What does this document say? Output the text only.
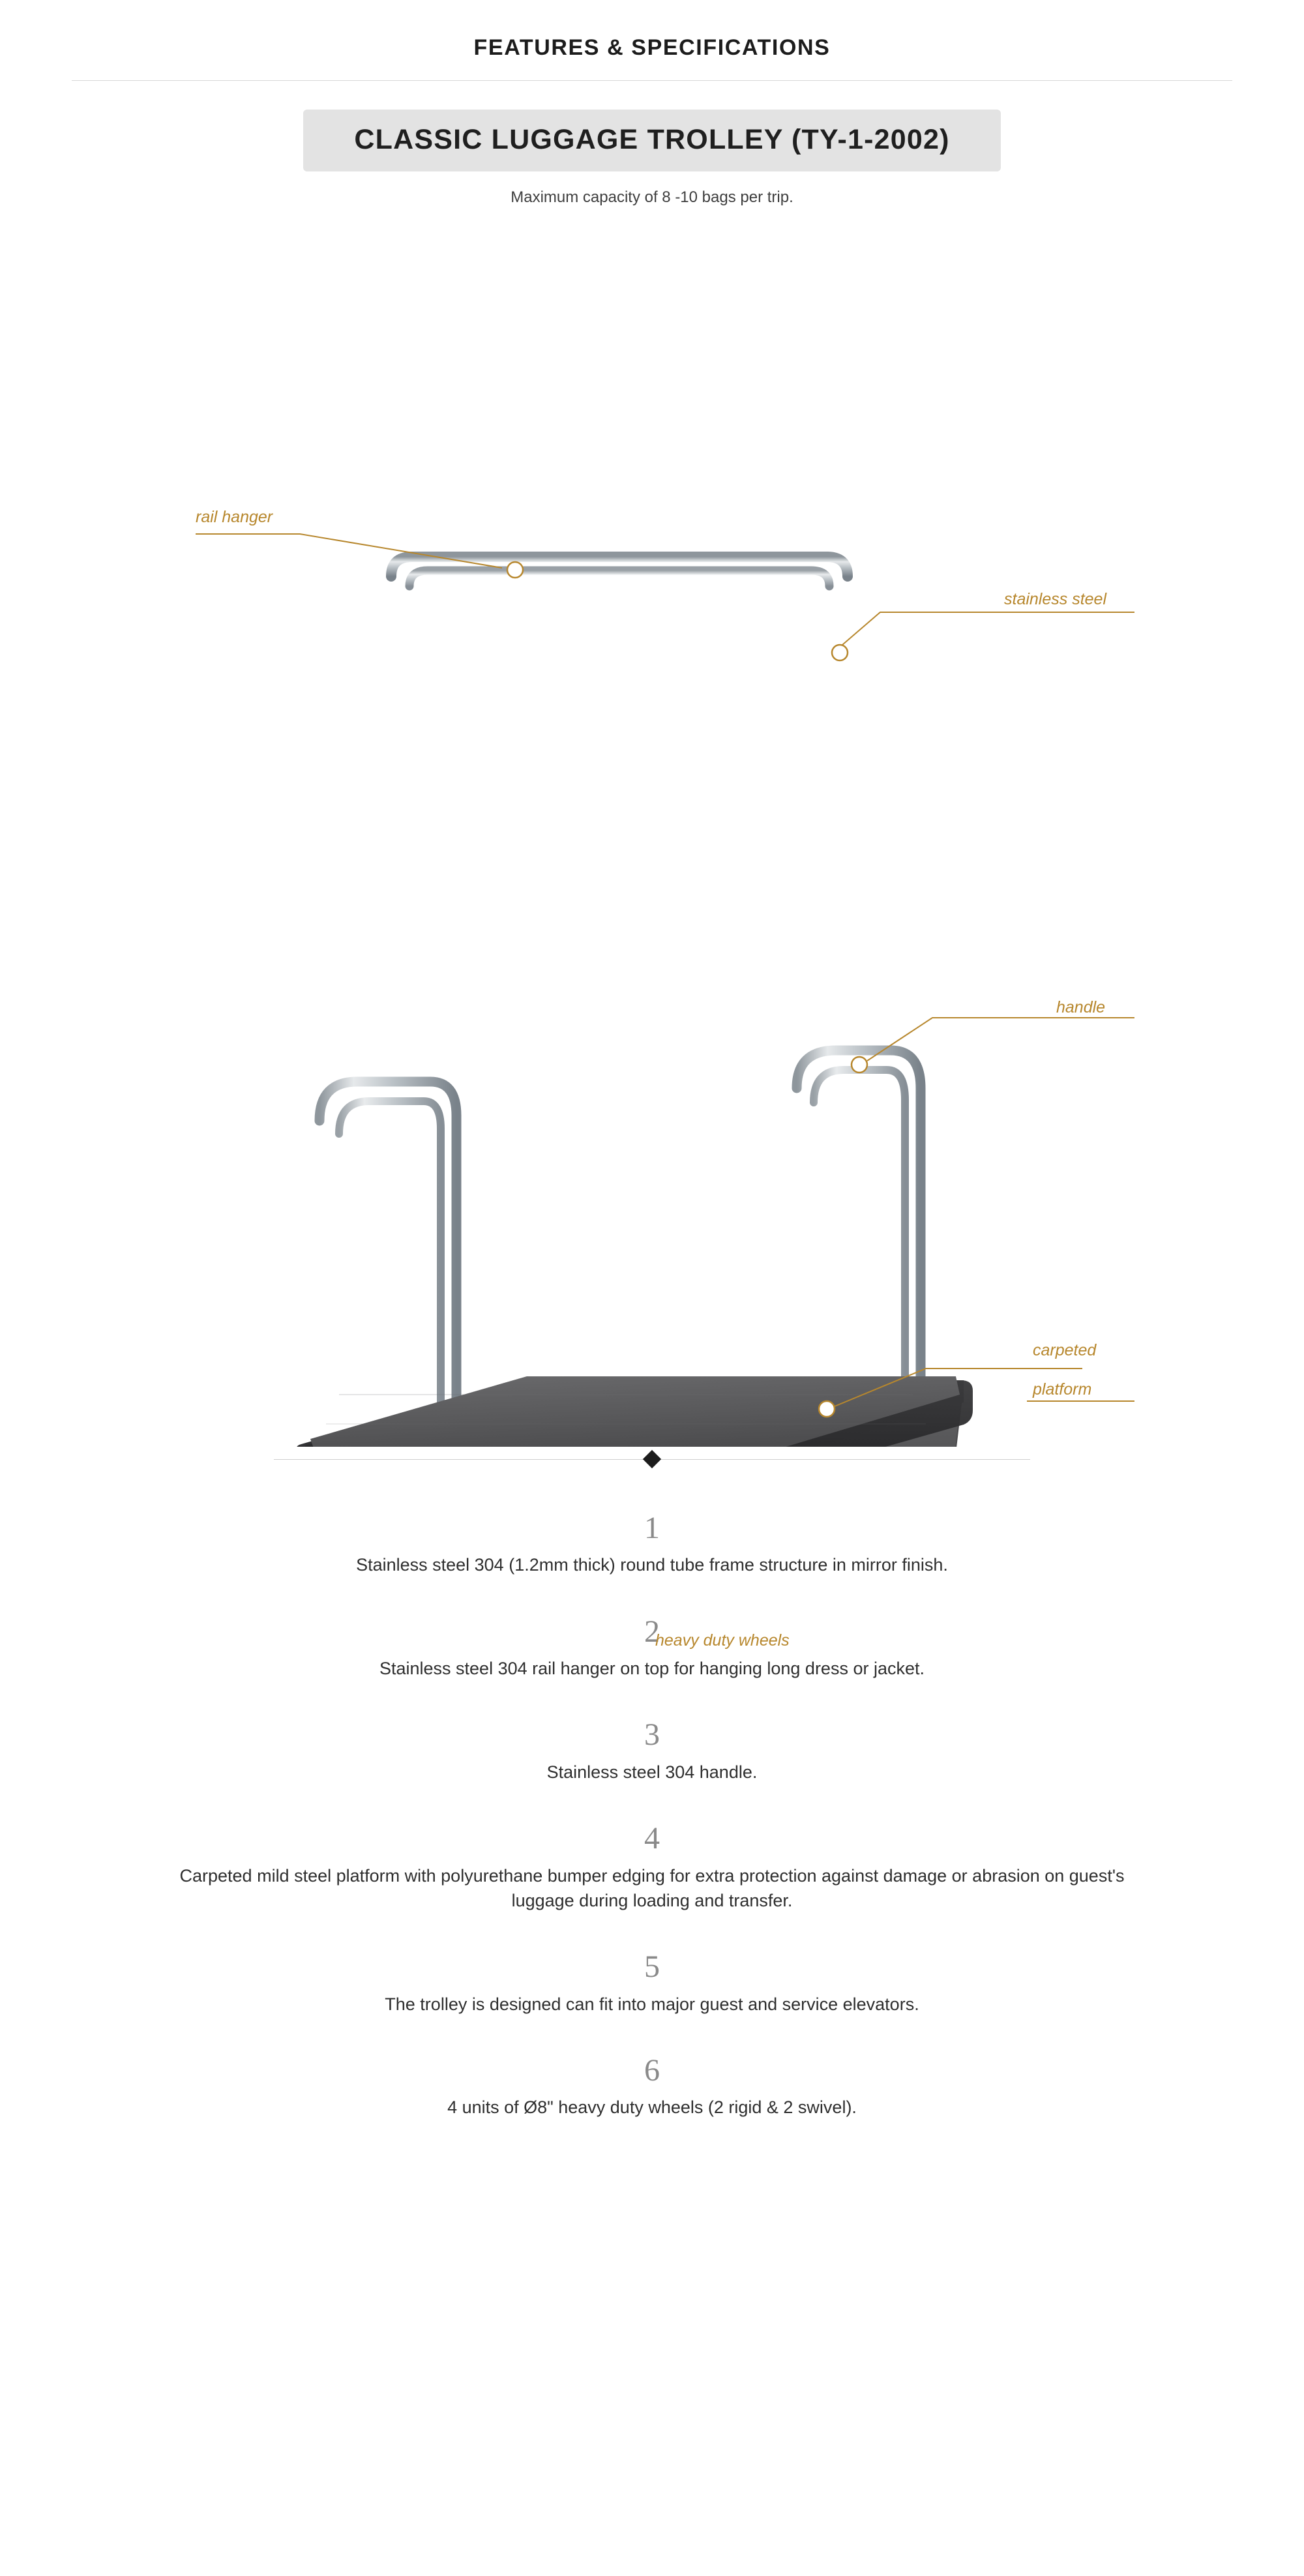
FEATURES & SPECIFICATIONS
CLASSIC LUGGAGE TROLLEY (TY-1-2002)
Maximum capacity of 8 -10 bags per trip.
rail hanger
stainless steel
handle
carpeted
platform
heavy duty wheels
1
Stainless steel 304 (1.2mm thick) round tube frame structure in mirror finish.
2
Stainless steel 304 rail hanger on top for hanging long dress or jacket.
3
Stainless steel 304 handle.
4
Carpeted mild steel platform with polyurethane bumper edging for extra protection against damage or abrasion on guest's luggage during loading and transfer.
5
The trolley is designed can fit into major guest and service elevators.
6
4 units of Ø8" heavy duty wheels (2 rigid & 2 swivel).
